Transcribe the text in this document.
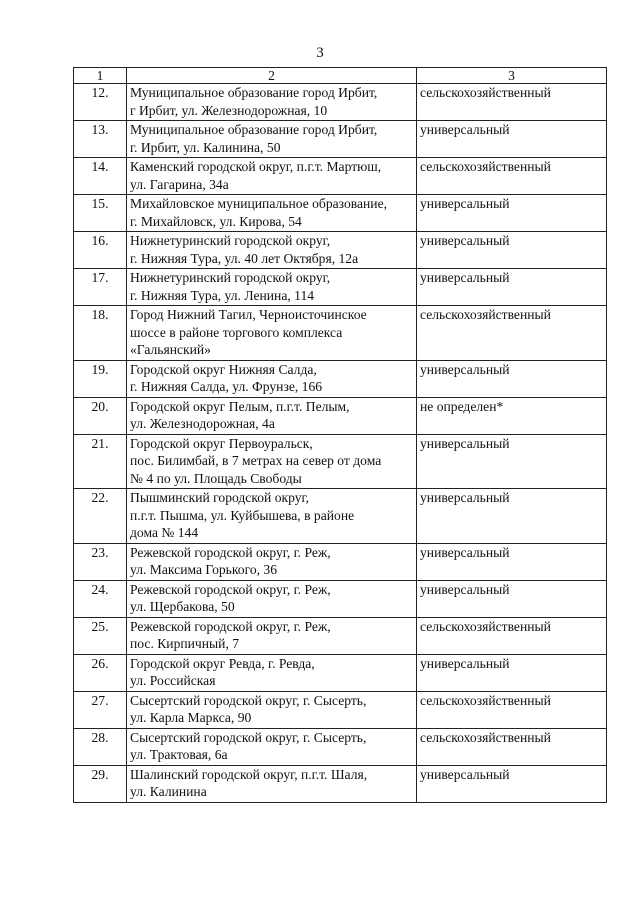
3
1	2	3
12.	Муниципальное образование город Ирбит,
г Ирбит, ул. Железнодорожная, 10	сельскохозяйственный
13.	Муниципальное образование город Ирбит,
г. Ирбит, ул. Калинина, 50	универсальный
14.	Каменский городской округ, п.г.т. Мартюш,
ул. Гагарина, 34а	сельскохозяйственный
15.	Михайловское муниципальное образование,
г. Михайловск, ул. Кирова, 54	универсальный
16.	Нижнетуринский городской округ,
г. Нижняя Тура, ул. 40 лет Октября, 12а	универсальный
17.	Нижнетуринский городской округ,
г. Нижняя Тура, ул. Ленина, 114	универсальный
18.	Город Нижний Тагил, Черноисточинское
шоссе в районе торгового комплекса
«Гальянский»	сельскохозяйственный
19.	Городской округ Нижняя Салда,
г. Нижняя Салда, ул. Фрунзе, 166	универсальный
20.	Городской округ Пелым, п.г.т. Пелым,
ул. Железнодорожная, 4а	не определен*
21.	Городской округ Первоуральск,
пос. Билимбай, в 7 метрах на север от дома
№ 4 по ул. Площадь Свободы	универсальный
22.	Пышминский городской округ,
п.г.т. Пышма, ул. Куйбышева, в районе
дома № 144	универсальный
23.	Режевской городской округ, г. Реж,
ул. Максима Горького, 36	универсальный
24.	Режевской городской округ, г. Реж,
ул. Щербакова, 50	универсальный
25.	Режевской городской округ, г. Реж,
пос. Кирпичный, 7	сельскохозяйственный
26.	Городской округ Ревда, г. Ревда,
ул. Российская	универсальный
27.	Сысертский городской округ, г. Сысерть,
ул. Карла Маркса, 90	сельскохозяйственный
28.	Сысертский городской округ, г. Сысерть,
ул. Трактовая, 6а	сельскохозяйственный
29.	Шалинский городской округ, п.г.т. Шаля,
ул. Калинина	универсальный
